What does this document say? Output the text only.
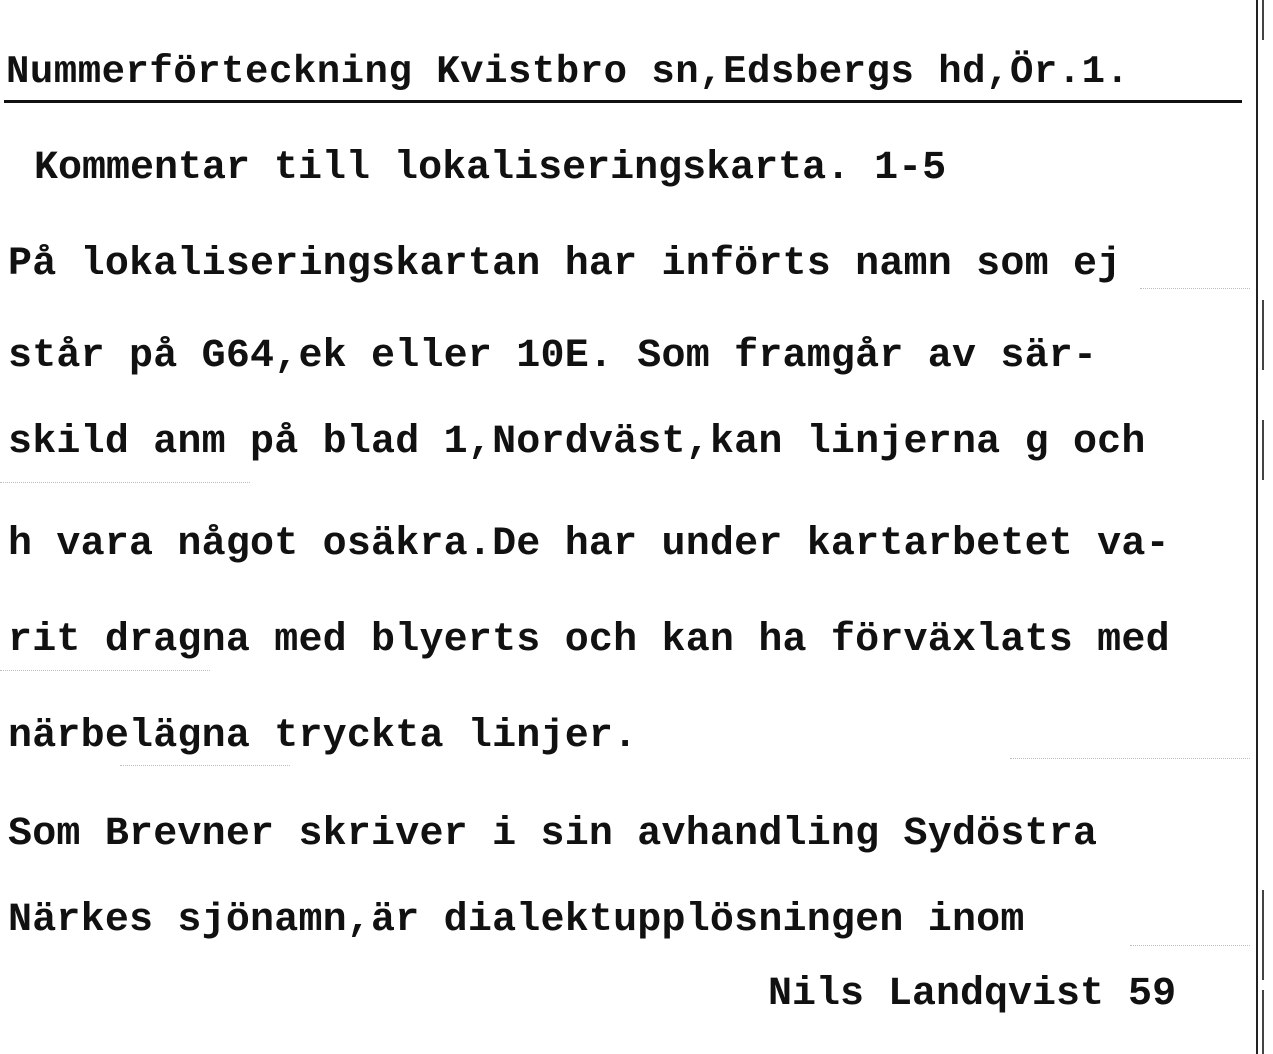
Nummerförteckning Kvistbro sn,Edsbergs hd,Ör.1.
Kommentar till lokaliseringskarta. 1-5
På lokaliseringskartan har införts namn som ej
står på G64,ek eller 10E. Som framgår av sär-
skild anm på blad 1,Nordväst,kan linjerna g och
h vara något osäkra.De har under kartarbetet va-
rit dragna med blyerts och kan ha förväxlats med
närbelägna tryckta linjer.
Som Brevner skriver i sin avhandling Sydöstra
Närkes sjönamn,är dialektupplösningen inom
Nils Landqvist 59
